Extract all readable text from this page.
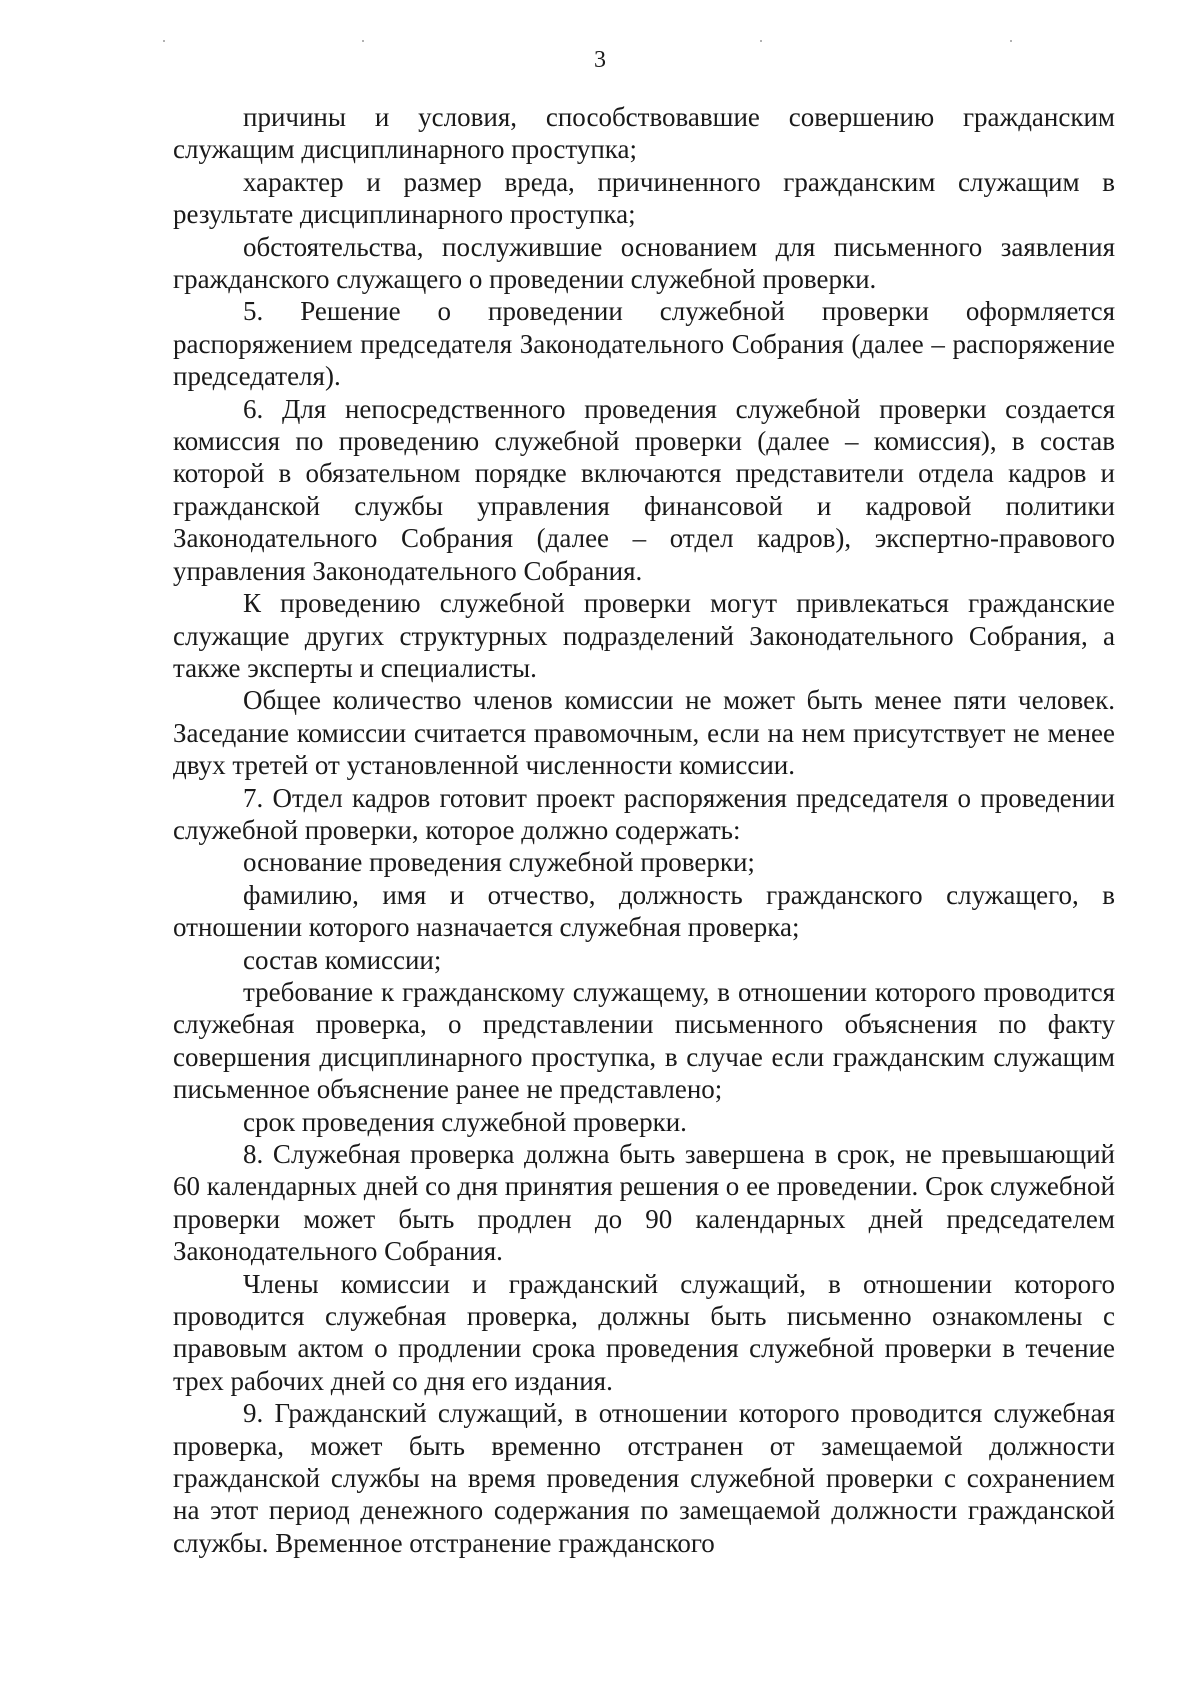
3

причины и условия, способствовавшие совершению гражданским служащим дисциплинарного проступка;

характер и размер вреда, причиненного гражданским служащим в результате дисциплинарного проступка;

обстоятельства, послужившие основанием для письменного заявления гражданского служащего о проведении служебной проверки.

5. Решение о проведении служебной проверки оформляется распоряжением председателя Законодательного Собрания (далее – распоряжение председателя).

6. Для непосредственного проведения служебной проверки создается комиссия по проведению служебной проверки (далее – комиссия), в состав которой в обязательном порядке включаются представители отдела кадров и гражданской службы управления финансовой и кадровой политики Законодательного Собрания (далее – отдел кадров), экспертно-правового управления Законодательного Собрания.

К проведению служебной проверки могут привлекаться гражданские служащие других структурных подразделений Законодательного Собрания, а также эксперты и специалисты.

Общее количество членов комиссии не может быть менее пяти человек. Заседание комиссии считается правомочным, если на нем присутствует не менее двух третей от установленной численности комиссии.

7. Отдел кадров готовит проект распоряжения председателя о проведении служебной проверки, которое должно содержать:

основание проведения служебной проверки;

фамилию, имя и отчество, должность гражданского служащего, в отношении которого назначается служебная проверка;

состав комиссии;

требование к гражданскому служащему, в отношении которого проводится служебная проверка, о представлении письменного объяснения по факту совершения дисциплинарного проступка, в случае если гражданским служащим письменное объяснение ранее не представлено;

срок проведения служебной проверки.

8. Служебная проверка должна быть завершена в срок, не превышающий 60 календарных дней со дня принятия решения о ее проведении. Срок служебной проверки может быть продлен до 90 календарных дней председателем Законодательного Собрания.

Члены комиссии и гражданский служащий, в отношении которого проводится служебная проверка, должны быть письменно ознакомлены с правовым актом о продлении срока проведения служебной проверки в течение трех рабочих дней со дня его издания.

9. Гражданский служащий, в отношении которого проводится служебная проверка, может быть временно отстранен от замещаемой должности гражданской службы на время проведения служебной проверки с сохранением на этот период денежного содержания по замещаемой должности гражданской службы. Временное отстранение гражданского
